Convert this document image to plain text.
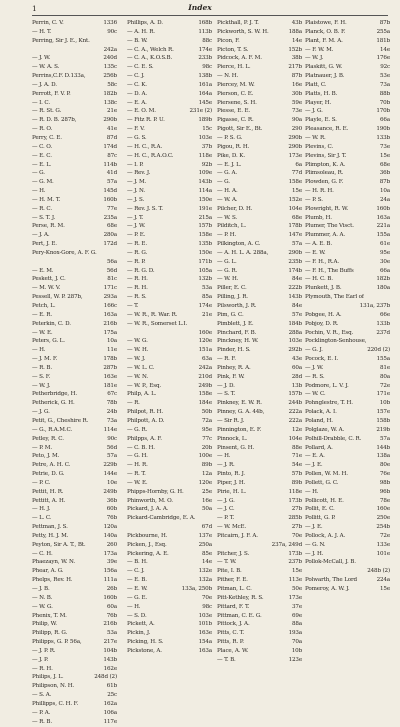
1	Index
Perrin, C. V.	1336
— H. T.	90c
Perring, Sir J. E., Knt.
242a
— J. W.	240d
— W. A. S.	135c
Perrins,C.F. D.133a,	256b
— J. A. D.	58c
Perrott, F. V. P.	182b
— I. C.	138c
— R. St. G.	21e
— R. D. B. 287b,	290b
— R. O.	41e
Perry, C. E.	87d
— C. O.	174d
— E. C.	87c
— E. L.	114b
— G.	41d
— G. M.	57a
— H.	145d
— H. M. T.	160b
— R. C.	77e
— S. T. J.	235a
Perse, R. M.	68e
— J. A.	280a
Pert, J. E.	172d
Pery-Knox-Gore, A. F. G.
56a
— E. M.	56d
Peskett, J. C.	81c
— M. W. V.	171c
Pessell, W. P. 287b,	293a
Petch, L.	166c
— E. R.	163a
Peterkin, C. D.	216b
— W. E.	175a
Peters, G. L.	10a
— H.	11e
— J. M. F.	178b
— R. B.	287b
— S. F.	163e
— W. J.	181e
Petherbridge, H.	67c
Petherick, G. H.	78b
— J. G.	24b
Petit, G., Cheshire R.	73a
— G., R.A.M.C.	114e
Petley, R. C.	90c
— P. M.	56d
Peto, J. M.	57a
Petre, A. H. C.	229b
Petrie, D. G.	144e
— P. C.	10e
Pettit, H. R.	249b
Pettitt, A. H.	36b
— H. J.	60b
— L. C.	76b
Pettman, J. S.	120a
Petty, H. J. M.	140a
Peyton, Sir A. T., Bt.	260
— C. H.	173a
Phaezayn, W. N.	39e
Phear, A. G.	156a
Phelps, Rev. H.	111a
— J. B.	26b
— N. B.	160b
— W. G.	60a
Phenix, T. M.	76b
Philip, W.	216b
Philipp, R. G.	53a
Philipps, G. P. 56a,	217e
— J. P. R.	104b
— J. P.	143b
— R. H.	162e
Philips, J. L.	248d (2)
Philipson, N. H.	61b
— S. A.	25c
Phillipps, C. H. F.	162a
— P. A.	106a
— R. B.	117e
Phillips, A. D.	168b
— A. H. R.	113b
— B. W.	88c
— C. A., Welch R.	174e
— C. A., K.O.S.B.	233b
— C. E. S.	98c
— C. J.	138b
— C. K.	161a
— D. A.	164a
— E. A.	145e
— E. O. M.	231e (2)
— Fitz R. P. U.	189b
— F. V.	15c
— G. S.	103e
— H. C., R.A.	37b
— H. C., R.A.O.C.	118e
— I. P.	92b
— Rev. J.	109e
— J. M.	143b
— J. N.	114a
— J. S.	150e
— Rev. J. S. T.	191e
— J. T.	215a
— J. W.	157b
— P. E.	158e
— R. E.	135b
— R. G.	150e
— R. P.	171b
— R. G. D.	105a
— R. H.	132b
— R. H.	53a
— R. S.	85a
— T.	174e
— W. R., R. War. R.	21e
— W. R., Somerset L.I.
160e
— W. G.	120e
— W. H.	151a
— W. J.	63a
— W. L. C.	242a
— W. N.	210d
— W. P., Esq.	249b
Philp, A. L.	158e
— R.	184e
Philpot, R. H.	50b
Philpott, A. D.	72a
— G. R.	95e
Philpps, A. F.	77c
— C. B. H.	20b
— G. H.	100e
— H. R.	89b
— R. T.	12a
— W. E.	120e
Phipps-Hornby, G. H.	25e
Phinworth, M. O.	16e
Pickard, J. A. A.	50a
Pickard-Cambridge, E. A.
67d
Pickbourne, H.	137e
Picken, J., Esq.	250a
Pickering, A. E.	85e
— B. H.	14e
— C. J.	132e
— E. B.	132a
— E. W.	133a, 250b
— G. E.	70e
— H.	98c
— S. D.	103e
Pickett, A.	101b
Pickin, J.	163e
Picking, H. S.	154a
Pickstone, A.	163a
Pickthall, P. J. T.	43b
Pickworth, S. W. H.	188a
Picon, F.	14e
Picton, T. S.	152b
Pidcock, A. F. M.	38b
Pierce, H. L.	217b
— N. H.	87b
Piercey, M. W.	16e
Pierson, C. E.	30b
Piersene, S. H.	59e
Piesse, E. E.	73e
Pigasse, C. R.	90a
Pigott, Sir E., Bt.	290
— P. S. G.	290b
Pigou, R. H.	290b
Pike, D. K.	173e
— E. J. L.	6a
— G. A.	77d
— G.	158e
— H. A.	15e
— W. A.	152e
Pilcher, D. H.	104e
— W. S.	68e
Pilditch, L.	178b
— P. H.	147e
Pilkington, A. C.	57a
— A. H. L. A. 288a,	290b
— G. L.	235b
— G. R.	174b
— W. H.	84e
Piller, E. C.	222b
Pilling, J. R.	143b
Pilsworth, J. R.	84e
Pim, G. C.	57e
Pimblett, J. E.	184b
Pinchard, F. B.	288a
Pinckney, H. W.	103e
Pinder, H. S.	292b
— R. F.	43e
Pinhey, R. A.	60a
Pink, F. W.	28d
— J. D.	13b
— S. T.	157b
Pinkney, E. W. R.	244b
Pinney, G. A. 44b,	222a
— Sir R. J.	222a
Pinnington, E. F.	12e
Pinnock, L.	104e
Pinsent, G. H.	88e
— H.	71e
— J. R.	54e
Pinto, R. J.	57b
Piper, J. H.	89b
Pirie, H. L.	118e
— J. G.	173b
— J. C.	27b
— P. T.	285b
— W. McE.	27b
Pitcairn, J. F. A.	70e
237a, 249d
Pitcher, J. S.	173b
— T. W.	237b
Pite, I. B.	15e
Pither, F. E.	113e
Pitman, L. C.	50e
Pitt-Kethley, R. S.	173e
Pittard, F. T.	37e
Pittman, C. E. G.	69e
Pittock, J. A.	88a
Pitts, C. T.	193a
Pitts, R. P.	70a
Place, A. W.	10b
— T. B.	123e
Plaistowe, F. H.	87b
Planck, O. B. F.	255a
Plant, F. M. A.	181b
— F. W. M.	14e
— W. J.	176e
Plaskitt, G. W.	92c
Platnauer, J. B.	53e
Platt, C.	73a
Platts, H. B.	88b
Player, H.	70b
— J. G.	170b
Playle, E. S.	66a
Pleasance, R. E.	190b
— W. R.	133b
Plevins, C.	73e
Plevins, Sir J. T.	15e
Plimpton, K. A.	68e
Plimsoleau, R.	36b
Plowden, G. F.	87b
— H. R. H.	10a
— P. S.	24a
Plowright, R. W.	160b
Plumb, H.	163a
Plumer, The Visct.	221a
Plummer, A. A.	155a
— A. E. B.	61e
— E. W.	95e
— F. H., R.A.	30e
— F. H., The Buffs	66a
— H. C. B.	182b
Plunkett, J. B.	180a
Plymouth, The Earl of
131a, 237b
Pobgee, H. A.	66e
Pobjoy, D. R.	133b
Pochin, V. R., Esq.	237d
Pocklington-Senhouse,
— G. J.	220d (2)
Pocock, E. I.	155a
— J. W.	81e
— R. S.	80a
Podmore, L. V. J.	72e
— W. C.	171e
Pohnglestre, T. H.	10b
Polack, A. I.	157e
Poland, H.	158b
Polglaze, W. A.	219b
Polhill-Drabble, C. R.	57a
Pollard, A.	144b
— E. A.	138a
— J. E.	80e
Pollen, W. M. H.	76e
Pollett, G. C.	98b
— H.	96b
Pollicott, H. E.	78e
Pollit, E. C.	160e
Pollitt, G. P.	250e
— J. E.	254b
Pollock, A. J. A.	72e
— G. N.	133e
— J. H.	101e
Pollok-McCall, J. B.
248b (2)
Polwarth, The Lord	224a
Pomeroy, A. W. J.	15e
